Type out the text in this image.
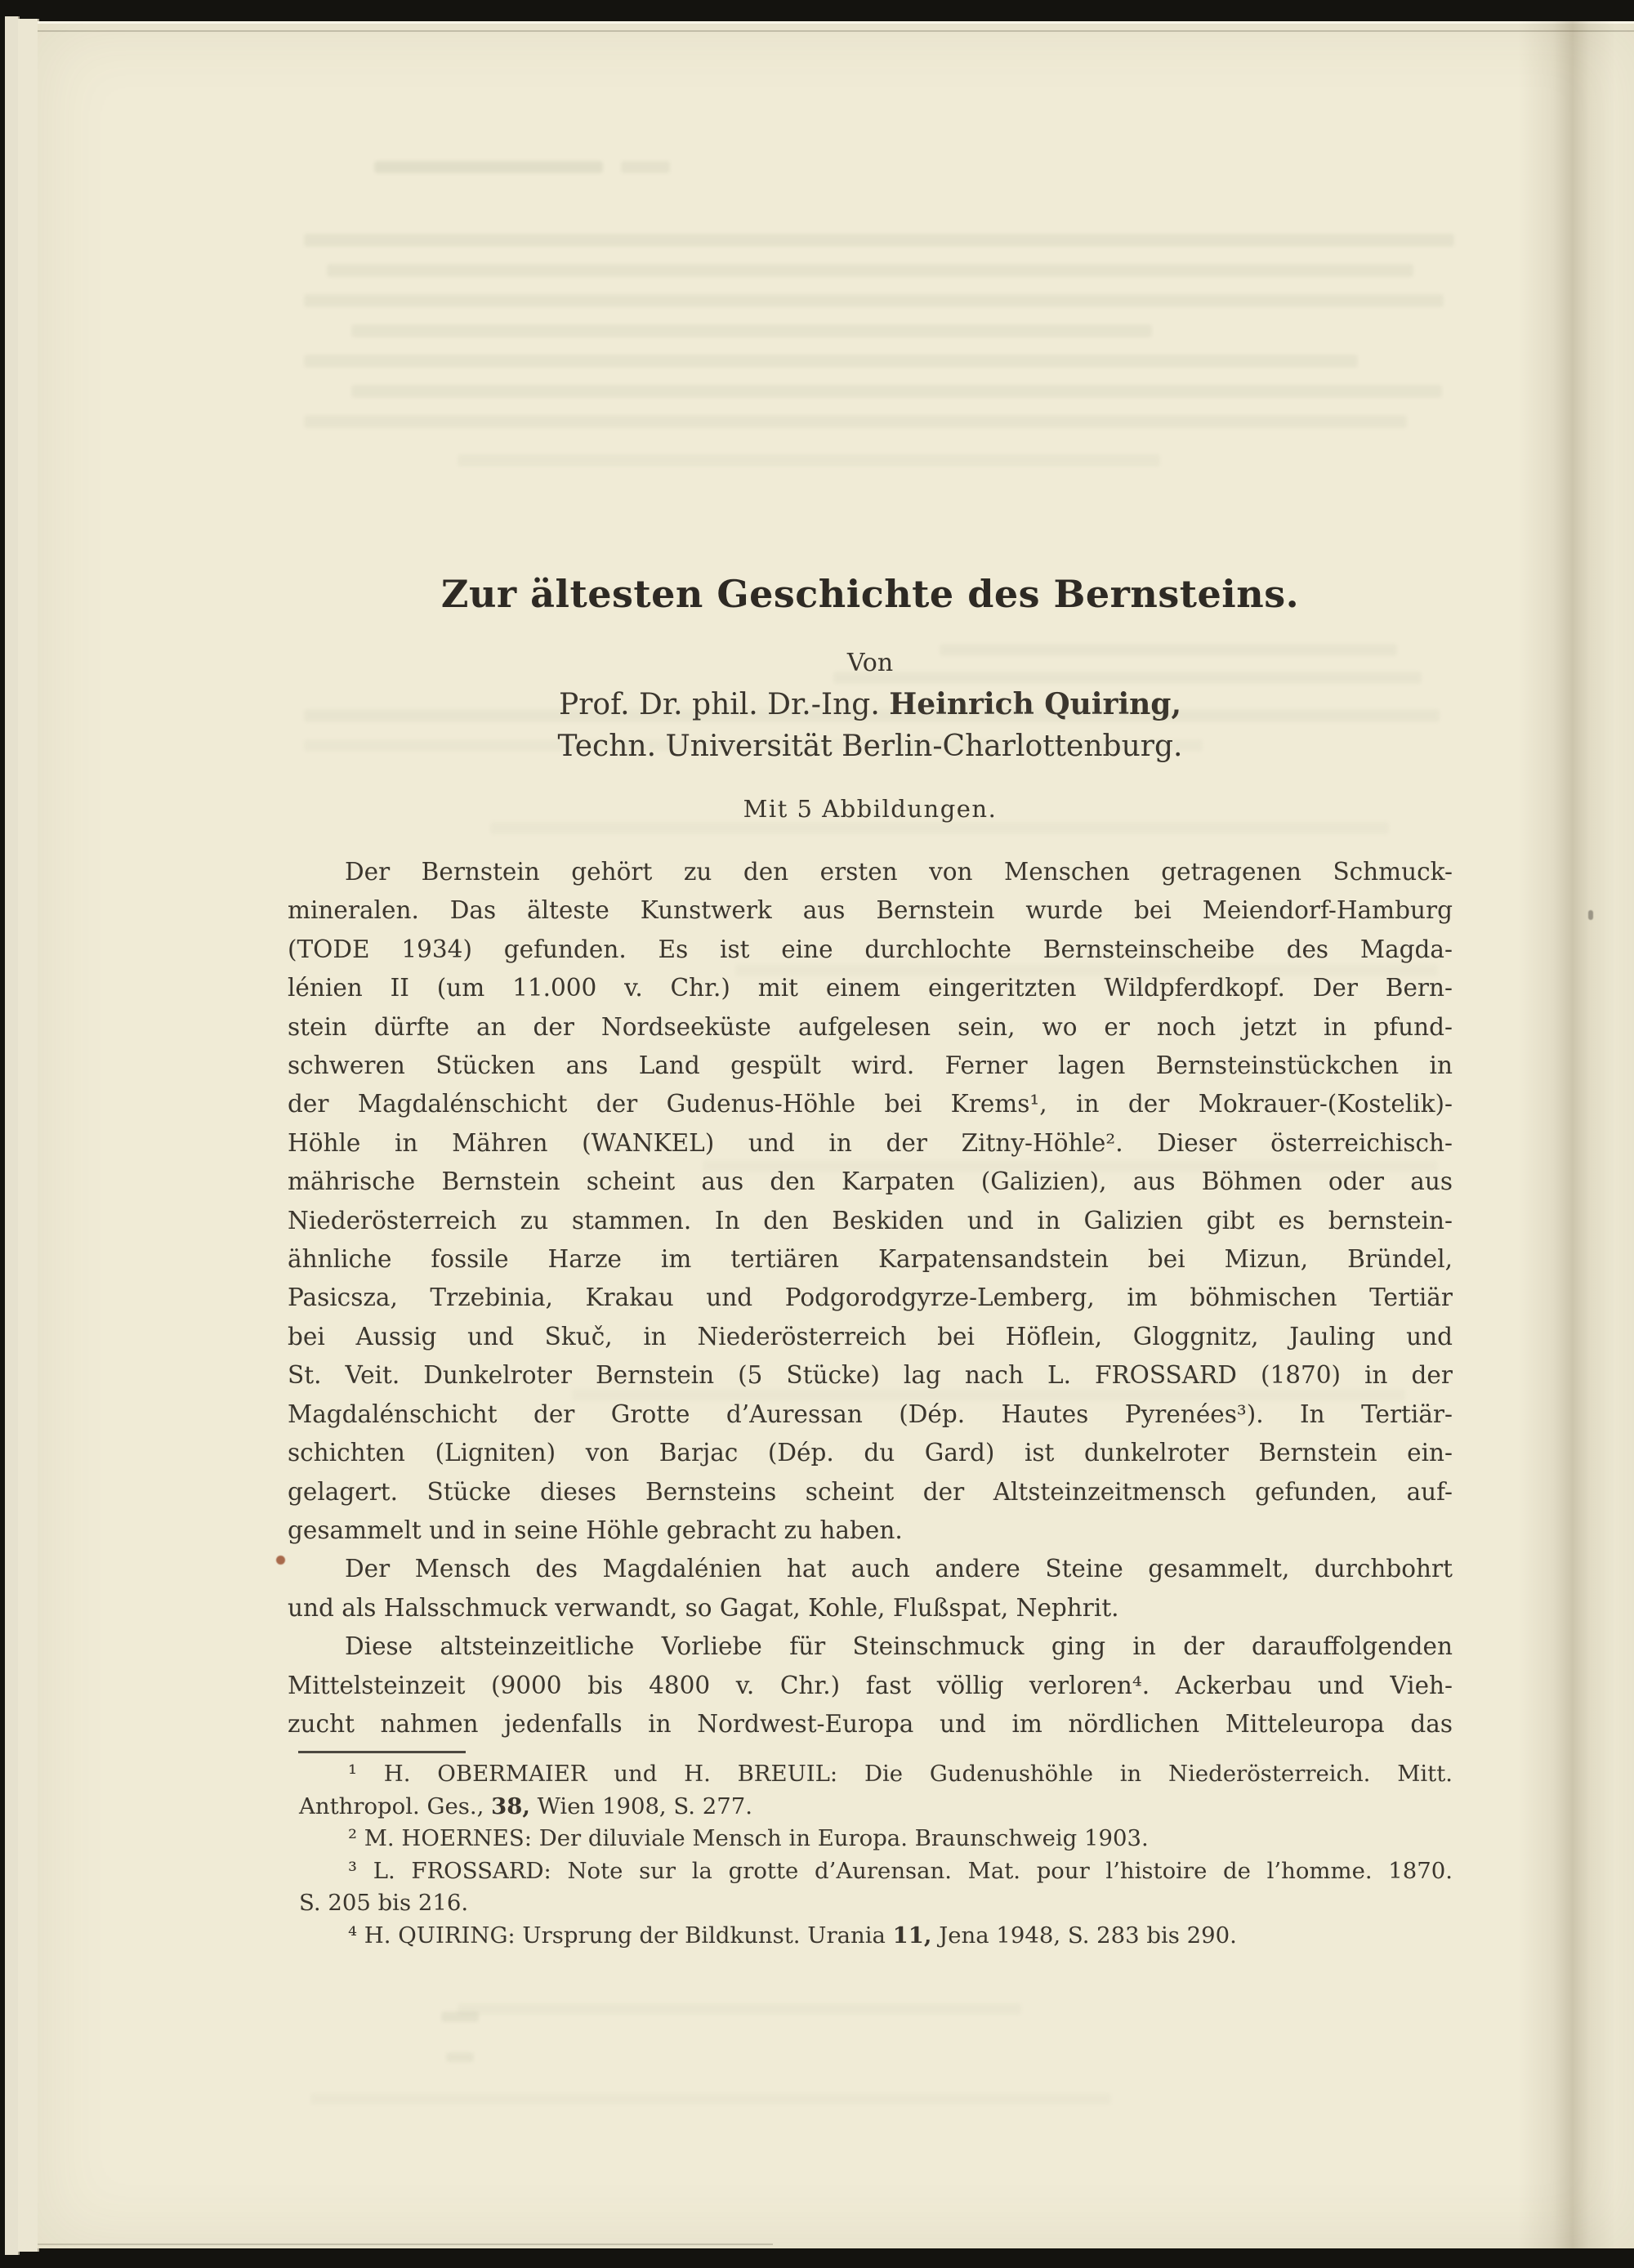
Zur ältesten Geschichte des Bernsteins.
Von
Prof. Dr. phil. Dr.-Ing. Heinrich Quiring,
Techn. Universität Berlin-Charlottenburg.
Mit 5 Abbildungen.
Der Bernstein gehört zu den ersten von Menschen getragenen Schmuck-
mineralen. Das älteste Kunstwerk aus Bernstein wurde bei Meiendorf-Hamburg
(TODE 1934) gefunden. Es ist eine durchlochte Bernsteinscheibe des Magda-
lénien II (um 11.000 v. Chr.) mit einem eingeritzten Wildpferdkopf. Der Bern-
stein dürfte an der Nordseeküste aufgelesen sein, wo er noch jetzt in pfund-
schweren Stücken ans Land gespült wird. Ferner lagen Bernsteinstückchen in
der Magdalénschicht der Gudenus-Höhle bei Krems¹, in der Mokrauer-(Kostelik)-
Höhle in Mähren (WANKEL) und in der Zitny-Höhle². Dieser österreichisch-
mährische Bernstein scheint aus den Karpaten (Galizien), aus Böhmen oder aus
Niederösterreich zu stammen. In den Beskiden und in Galizien gibt es bernstein-
ähnliche fossile Harze im tertiären Karpatensandstein bei Mizun, Bründel,
Pasicsza, Trzebinia, Krakau und Podgorodgyrze-Lemberg, im böhmischen Tertiär
bei Aussig und Skuč, in Niederösterreich bei Höflein, Gloggnitz, Jauling und
St. Veit. Dunkelroter Bernstein (5 Stücke) lag nach L. FROSSARD (1870) in der
Magdalénschicht der Grotte d’Auressan (Dép. Hautes Pyrenées³). In Tertiär-
schichten (Ligniten) von Barjac (Dép. du Gard) ist dunkelroter Bernstein ein-
gelagert. Stücke dieses Bernsteins scheint der Altsteinzeitmensch gefunden, auf-
gesammelt und in seine Höhle gebracht zu haben.
Der Mensch des Magdalénien hat auch andere Steine gesammelt, durchbohrt
und als Halsschmuck verwandt, so Gagat, Kohle, Flußspat, Nephrit.
Diese altsteinzeitliche Vorliebe für Steinschmuck ging in der darauffolgenden
Mittelsteinzeit (9000 bis 4800 v. Chr.) fast völlig verloren⁴. Ackerbau und Vieh-
zucht nahmen jedenfalls in Nordwest-Europa und im nördlichen Mitteleuropa das
¹ H. OBERMAIER und H. BREUIL: Die Gudenushöhle in Niederösterreich. Mitt.
Anthropol. Ges., 38, Wien 1908, S. 277.
² M. HOERNES: Der diluviale Mensch in Europa. Braunschweig 1903.
³ L. FROSSARD: Note sur la grotte d’Aurensan. Mat. pour l’histoire de l’homme. 1870.
S. 205 bis 216.
⁴ H. QUIRING: Ursprung der Bildkunst. Urania 11, Jena 1948, S. 283 bis 290.
